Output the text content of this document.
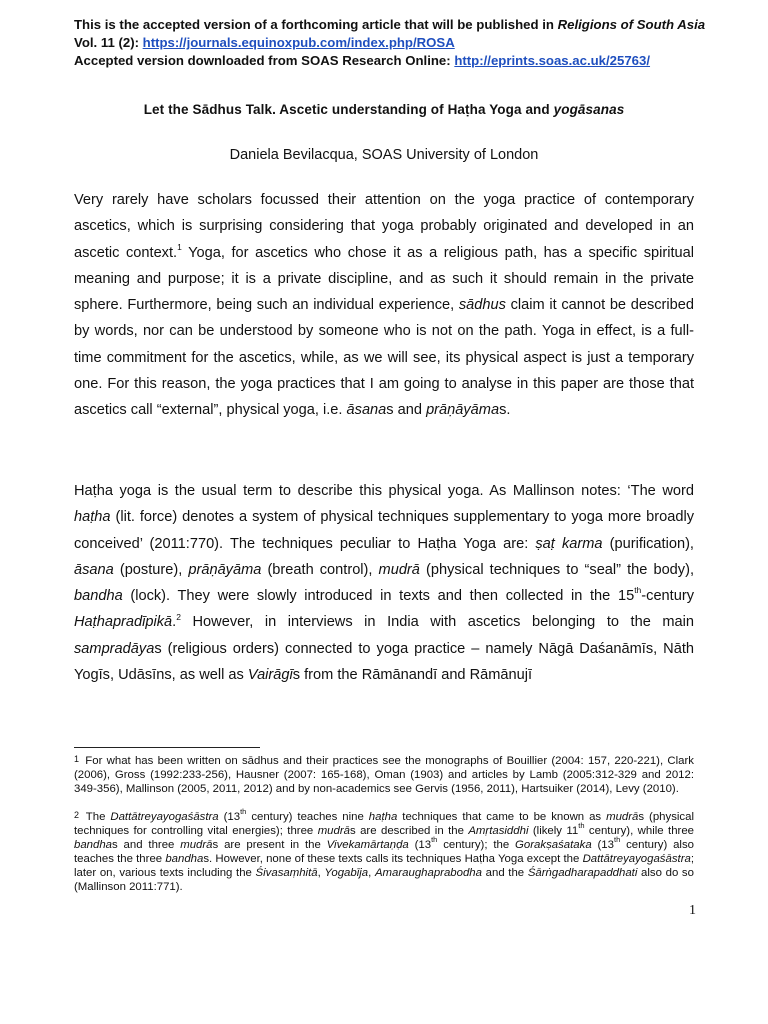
This is the accepted version of a forthcoming article that will be published in Religions of South Asia Vol. 11 (2): https://journals.equinoxpub.com/index.php/ROSA
Accepted version downloaded from SOAS Research Online: http://eprints.soas.ac.uk/25763/
Let the Sādhus Talk. Ascetic understanding of Haṭha Yoga and yogāsanas
Daniela Bevilacqua, SOAS University of London
Very rarely have scholars focussed their attention on the yoga practice of contemporary ascetics, which is surprising considering that yoga probably originated and developed in an ascetic context.$^1$ Yoga, for ascetics who chose it as a religious path, has a specific spiritual meaning and purpose; it is a private discipline, and as such it should remain in the private sphere. Furthermore, being such an individual experience, sādhus claim it cannot be described by words, nor can be understood by someone who is not on the path. Yoga in effect, is a full-time commitment for the ascetics, while, as we will see, its physical aspect is just a temporary one. For this reason, the yoga practices that I am going to analyse in this paper are those that ascetics call “external”, physical yoga, i.e. āsanas and prāṇāyāmas.
Haṭha yoga is the usual term to describe this physical yoga. As Mallinson notes: ‘The word haṭha (lit. force) denotes a system of physical techniques supplementary to yoga more broadly conceived’ (2011:770). The techniques peculiar to Haṭha Yoga are: ṣaṭ karma (purification), āsana (posture), prāṇāyāma (breath control), mudrā (physical techniques to “seal” the body), bandha (lock). They were slowly introduced in texts and then collected in the 15th-century Haṭhapradīpikā.$^2$ However, in interviews in India with ascetics belonging to the main sampradāyas (religious orders) connected to yoga practice – namely Nāgā Daśanāmīs, Nāth Yogīs, Udāsīns, as well as Vairāgīs from the Rāmānandī and Rāmānujī
$^1$ For what has been written on sādhus and their practices see the monographs of Bouillier (2004: 157, 220-221), Clark (2006), Gross (1992:233-256), Hausner (2007: 165-168), Oman (1903) and articles by Lamb (2005:312-329 and 2012: 349-356), Mallinson (2005, 2011, 2012) and by non-academics see Gervis (1956, 2011), Hartsuiker (2014), Levy (2010).
$^2$ The Dattātreyayogaśāstra (13th century) teaches nine haṭha techniques that came to be known as mudrās (physical techniques for controlling vital energies); three mudrās are described in the Amṛtasiddhi (likely 11th century), while three bandhas and three mudrās are present in the Vivekamārtaṇḍa (13th century); the Gorakṣaśataka (13th century) also teaches the three bandhas. However, none of these texts calls its techniques Haṭha Yoga except the Dattātreyayogaśāstra; later on, various texts including the Śivasaṃhitā, Yogabīja, Amaraughaprabodha and the Śārṅgadharapaddhati also do so (Mallinson 2011:771).
1
